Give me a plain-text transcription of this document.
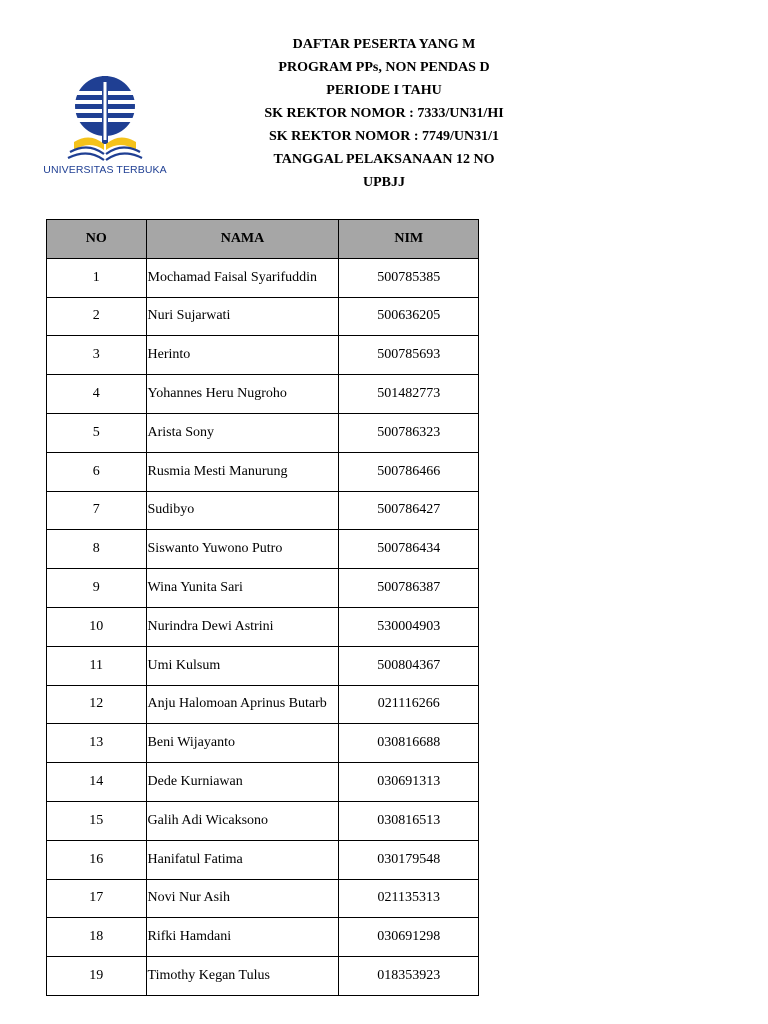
UNIVERSITAS TERBUKA
DAFTAR PESERTA YANG M
PROGRAM PPs, NON PENDAS D
PERIODE I TAHU
SK REKTOR NOMOR : 7333/UN31/HI
SK REKTOR NOMOR : 7749/UN31/1
TANGGAL PELAKSANAAN 12 NO
UPBJJ
NO	NAMA	NIM
1	Mochamad Faisal Syarifuddin	500785385
2	Nuri Sujarwati	500636205
3	Herinto	500785693
4	Yohannes Heru Nugroho	501482773
5	Arista Sony	500786323
6	Rusmia Mesti Manurung	500786466
7	Sudibyo	500786427
8	Siswanto Yuwono Putro	500786434
9	Wina Yunita Sari	500786387
10	Nurindra Dewi Astrini	530004903
11	Umi Kulsum	500804367
12	Anju Halomoan Aprinus Butarb	021116266
13	Beni Wijayanto	030816688
14	Dede Kurniawan	030691313
15	Galih Adi Wicaksono	030816513
16	Hanifatul Fatima	030179548
17	Novi Nur Asih	021135313
18	Rifki Hamdani	030691298
19	Timothy Kegan Tulus	018353923
